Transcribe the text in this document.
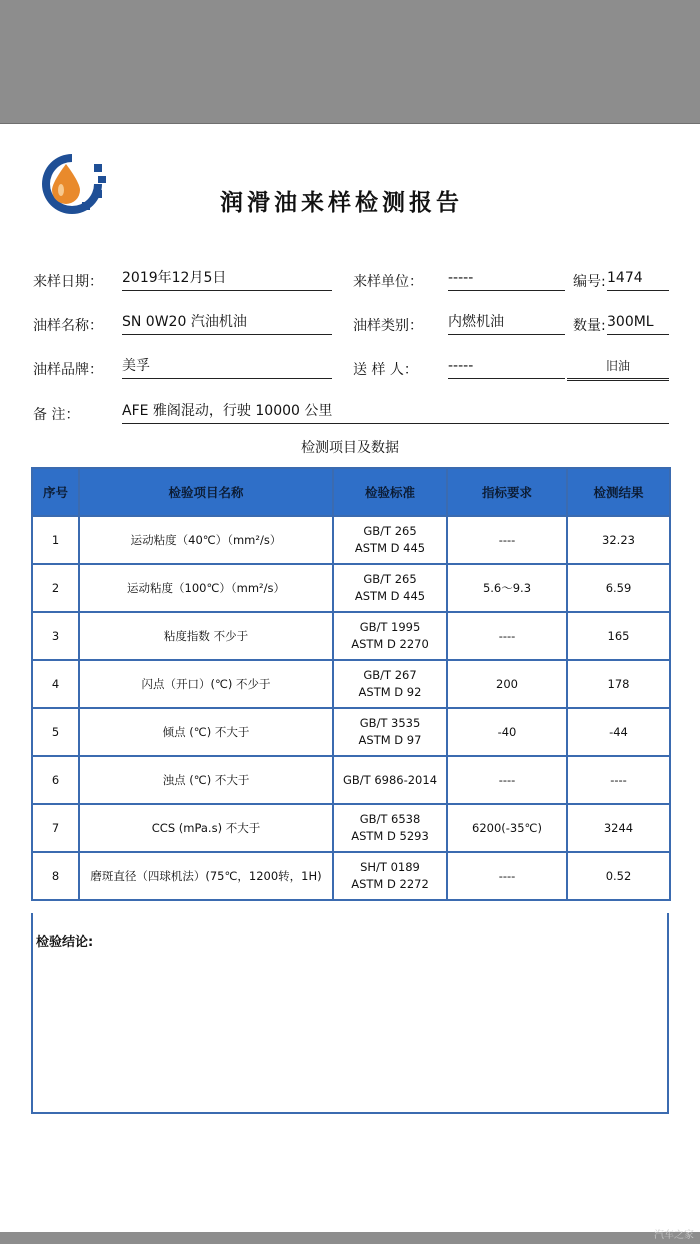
润滑油来样检测报告
来样日期： 2019年12月5日	来样单位： -----	编号: 1474
油样名称： SN 0W20 汽油机油	油样类别： 内燃机油	数量: 300ML
油样品牌： 美孚	送 样 人： -----	旧油
备 注：	AFE 雅阁混动，行驶 10000 公里
检测项目及数据
序号	检验项目名称	检验标准	指标要求	检测结果
1	运动粘度（40℃）（mm²/s）	GB/T 265
ASTM D 445	----	32.23
2	运动粘度（100℃）（mm²/s）	GB/T 265
ASTM D 445	5.6～9.3	6.59
3	粘度指数 不少于	GB/T 1995
ASTM D 2270	----	165
4	闪点（开口）(℃) 不少于	GB/T 267
ASTM D 92	200	178
5	倾点 (℃) 不大于	GB/T 3535
ASTM D 97	-40	-44
6	浊点 (℃) 不大于	GB/T 6986-2014	----	----
7	CCS (mPa.s) 不大于	GB/T 6538
ASTM D 5293	6200(-35℃)	3244
8	磨斑直径（四球机法）(75℃，1200转，1H)	SH/T 0189
ASTM D 2272	----	0.52
检验结论:
汽车之家
